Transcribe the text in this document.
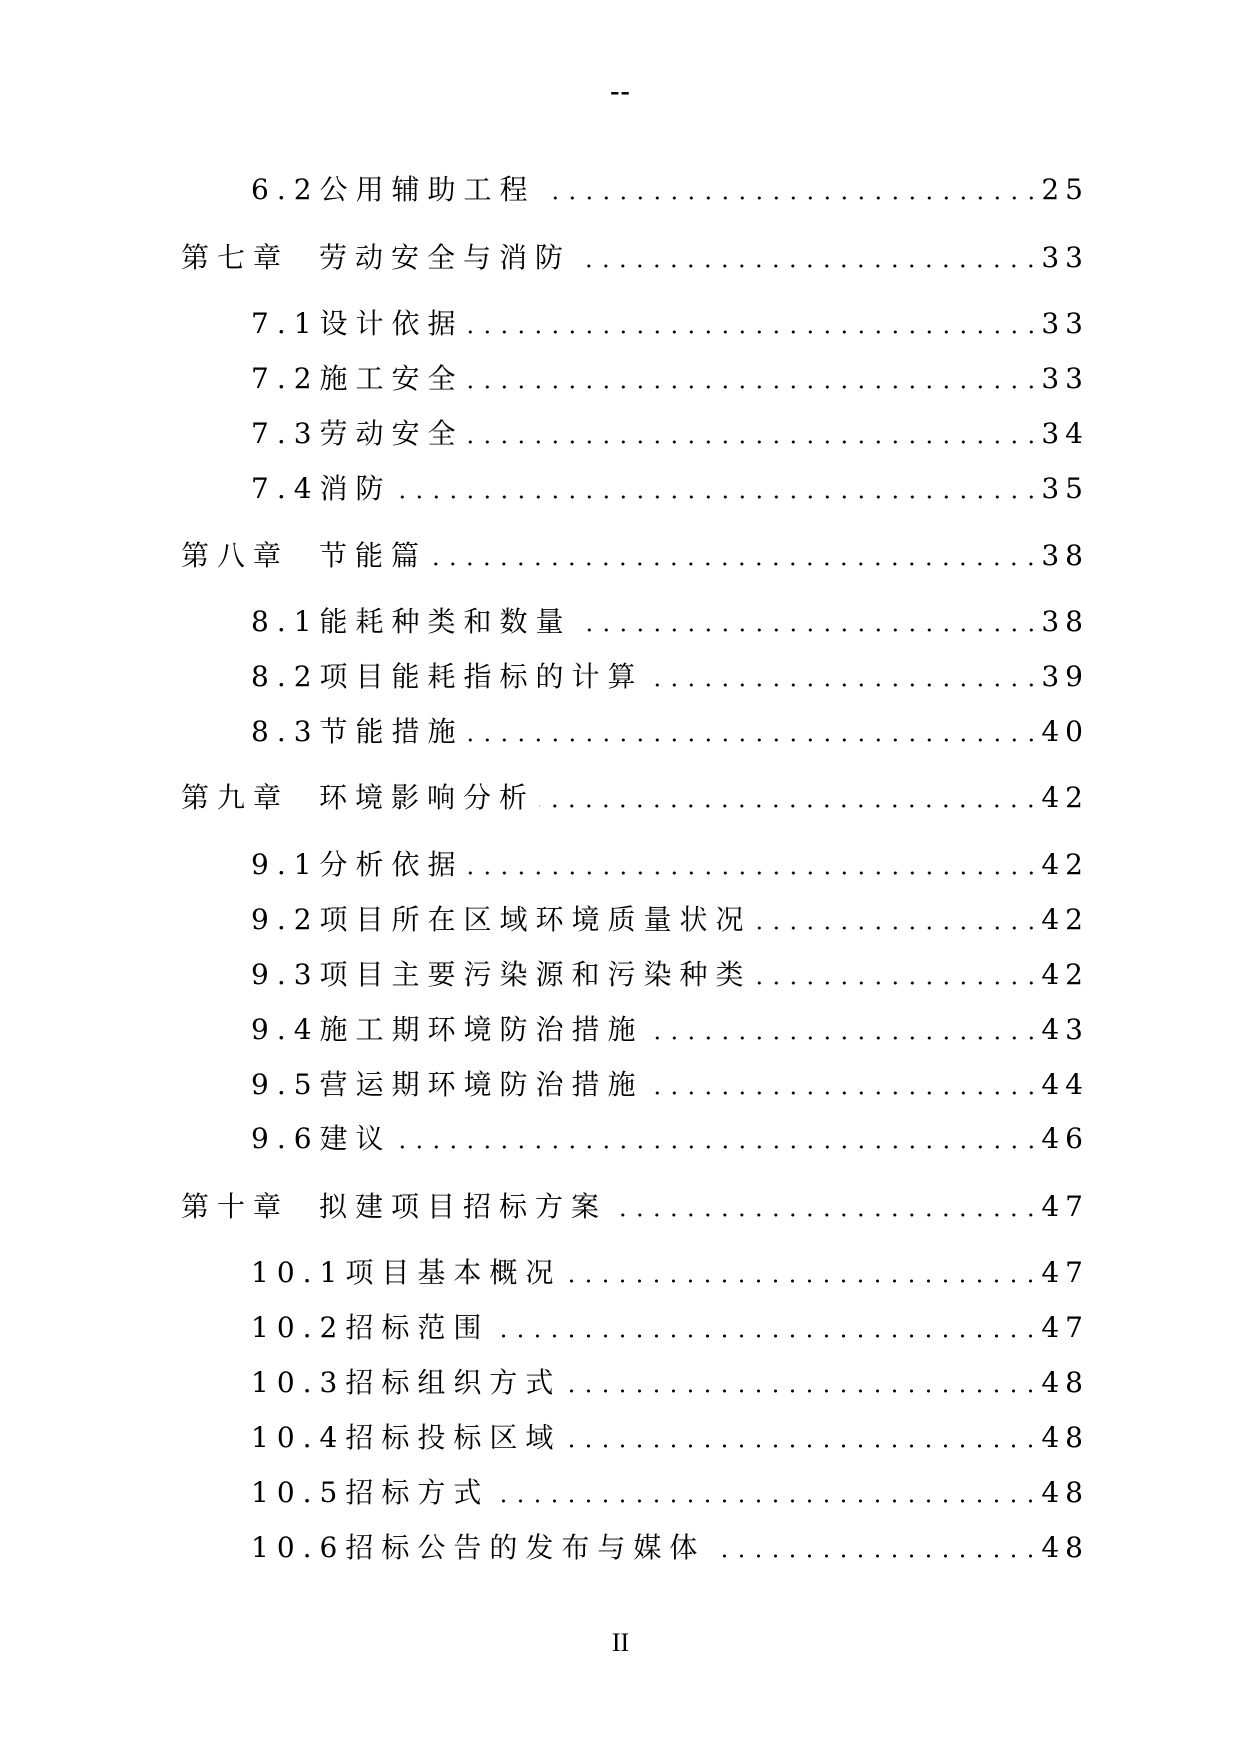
--
6.2公用辅助工程	25
第七章 劳动安全与消防	33
7.1设计依据	33
7.2施工安全	33
7.3劳动安全	34
7.4消防	35
第八章 节能篇	38
8.1能耗种类和数量	38
8.2项目能耗指标的计算	39
8.3节能措施	40
第九章 环境影响分析	42
9.1分析依据	42
9.2项目所在区域环境质量状况	42
9.3项目主要污染源和污染种类	42
9.4施工期环境防治措施	43
9.5营运期环境防治措施	44
9.6建议	46
第十章 拟建项目招标方案	47
10.1项目基本概况	47
10.2招标范围	47
10.3招标组织方式	48
10.4招标投标区域	48
10.5招标方式	48
10.6招标公告的发布与媒体	48
II
